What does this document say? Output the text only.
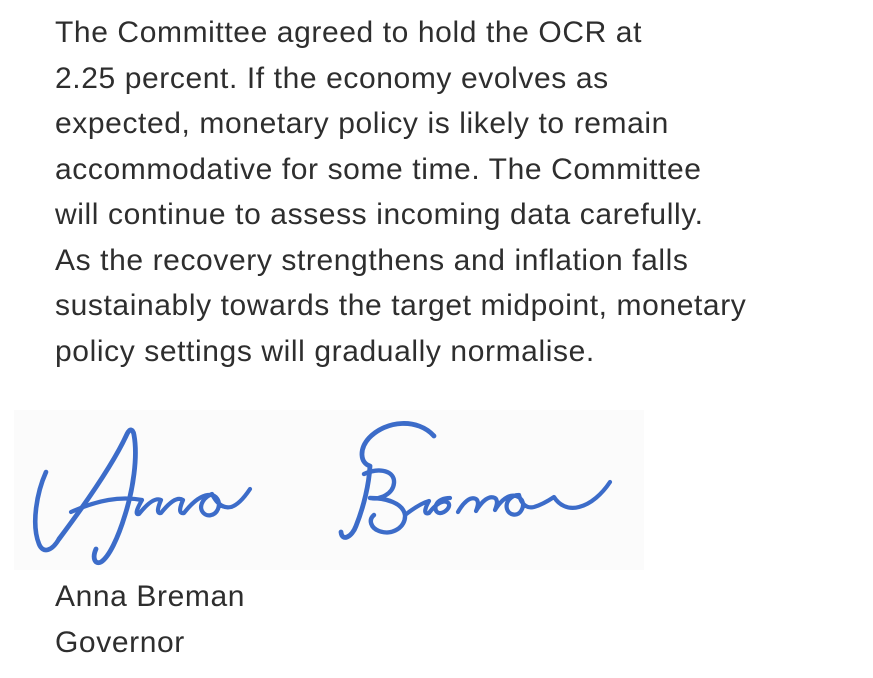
The Committee agreed to hold the OCR at
2.25 percent. If the economy evolves as
expected, monetary policy is likely to remain
accommodative for some time. The Committee
will continue to assess incoming data carefully.
As the recovery strengthens and inflation falls
sustainably towards the target midpoint, monetary
policy settings will gradually normalise.
Anna Breman
Governor
